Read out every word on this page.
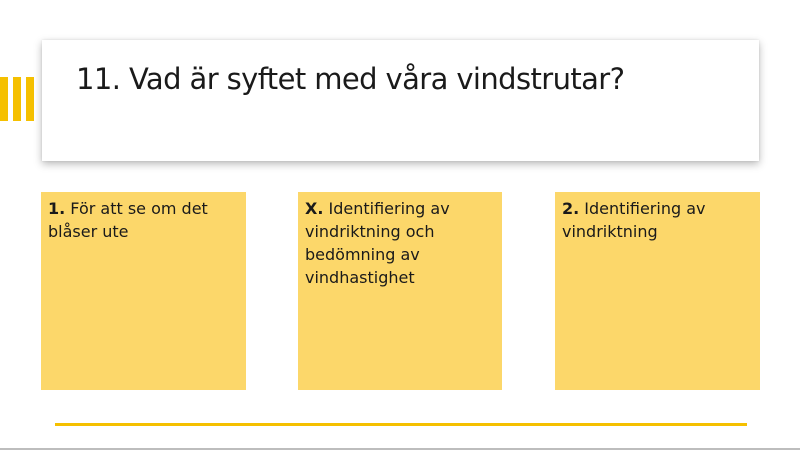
11. Vad är syftet med våra vindstrutar?
1. För att se om det blåser ute
X. Identifiering av vindriktning och bedömning av vindhastighet
2. Identifiering av vindriktning
